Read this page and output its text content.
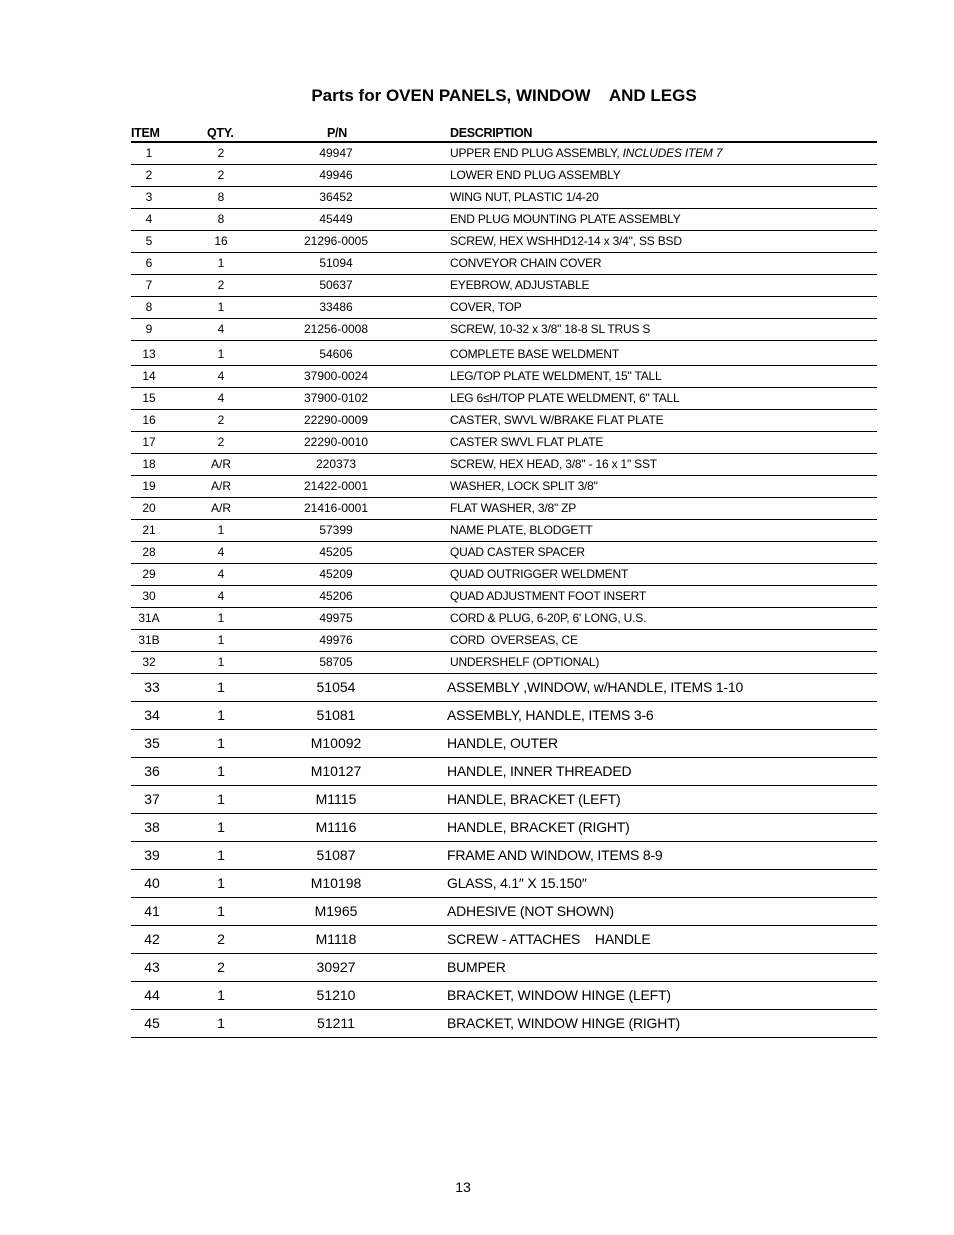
Parts for OVEN PANELS, WINDOW    AND LEGS
ITEM	QTY.	P/N	DESCRIPTION
1	2	49947	UPPER END PLUG ASSEMBLY, INCLUDES ITEM 7
2	2	49946	LOWER END PLUG ASSEMBLY
3	8	36452	WING NUT, PLASTIC 1/4-20
4	8	45449	END PLUG MOUNTING PLATE ASSEMBLY
5	16	21296-0005	SCREW, HEX WSHHD12-14 x 3/4", SS BSD
6	1	51094	CONVEYOR CHAIN COVER
7	2	50637	EYEBROW, ADJUSTABLE
8	1	33486	COVER, TOP
9	4	21256-0008	SCREW, 10-32 x 3/8" 18-8 SL TRUS S
13	1	54606	COMPLETE BASE WELDMENT
14	4	37900-0024	LEG/TOP PLATE WELDMENT, 15" TALL
15	4	37900-0102	LEG 6≤H/TOP PLATE WELDMENT, 6" TALL
16	2	22290-0009	CASTER, SWVL W/BRAKE FLAT PLATE
17	2	22290-0010	CASTER SWVL FLAT PLATE
18	A/R	220373	SCREW, HEX HEAD, 3/8" - 16 x 1" SST
19	A/R	21422-0001	WASHER, LOCK SPLIT 3/8"
20	A/R	21416-0001	FLAT WASHER, 3/8" ZP
21	1	57399	NAME PLATE, BLODGETT
28	4	45205	QUAD CASTER SPACER
29	4	45209	QUAD OUTRIGGER WELDMENT
30	4	45206	QUAD ADJUSTMENT FOOT INSERT
31A	1	49975	CORD & PLUG, 6-20P, 6' LONG, U.S.
31B	1	49976	CORD  OVERSEAS, CE
32	1	58705	UNDERSHELF (OPTIONAL)
33	1	51054	ASSEMBLY ,WINDOW, w/HANDLE, ITEMS 1-10
34	1	51081	ASSEMBLY, HANDLE, ITEMS 3-6
35	1	M10092	HANDLE, OUTER
36	1	M10127	HANDLE, INNER THREADED
37	1	M1115	HANDLE, BRACKET (LEFT)
38	1	M1116	HANDLE, BRACKET (RIGHT)
39	1	51087	FRAME AND WINDOW, ITEMS 8-9
40	1	M10198	GLASS, 4.1″ X 15.150″
41	1	M1965	ADHESIVE (NOT SHOWN)
42	2	M1118	SCREW - ATTACHES    HANDLE
43	2	30927	BUMPER
44	1	51210	BRACKET, WINDOW HINGE (LEFT)
45	1	51211	BRACKET, WINDOW HINGE (RIGHT)
13
